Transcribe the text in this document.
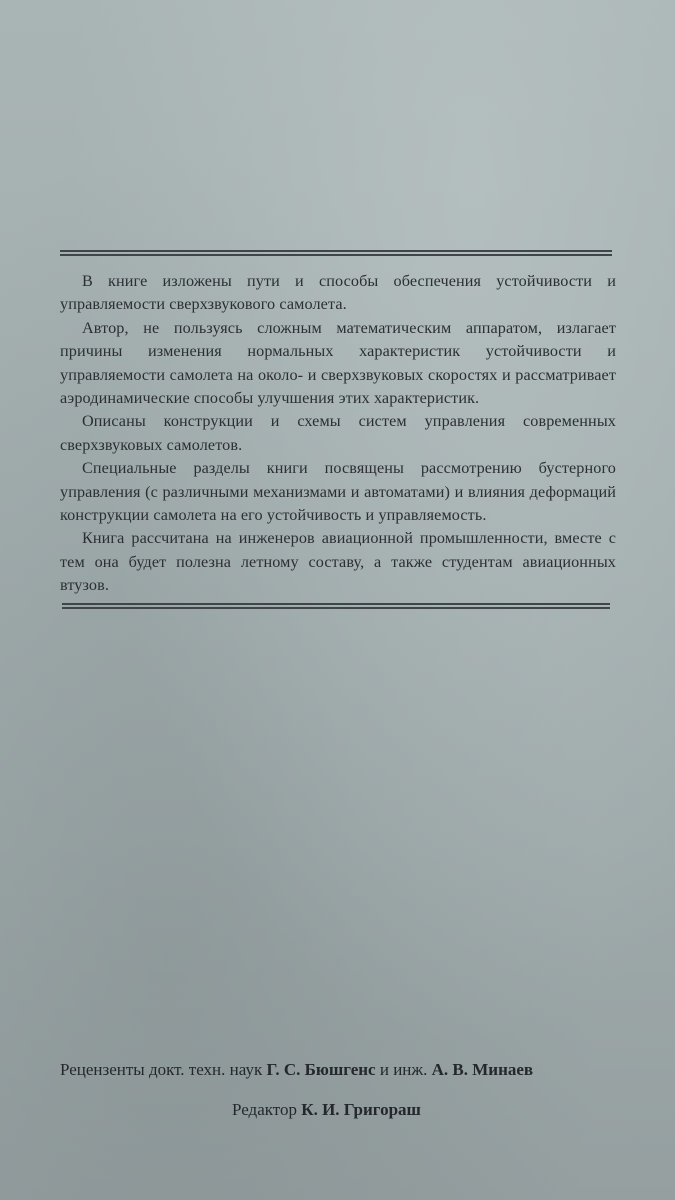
В книге изложены пути и способы обеспечения устойчивости и управляемости сверхзвукового самолета.

Автор, не пользуясь сложным математическим аппаратом, излагает причины изменения нормальных характеристик устойчивости и управляемости самолета на около- и сверхзвуковых скоростях и рассматривает аэродинамические способы улучшения этих характеристик.

Описаны конструкции и схемы систем управления современных сверхзвуковых самолетов.

Специальные разделы книги посвящены рассмотрению бустерного управления (с различными механизмами и автоматами) и влияния деформаций конструкции самолета на его устойчивость и управляемость.

Книга рассчитана на инженеров авиационной промышленности, вместе с тем она будет полезна летному составу, а также студентам авиационных втузов.

Рецензенты докт. техн. наук Г. С. Бюшгенс и инж. А. В. Минаев
Редактор К. И. Григораш
